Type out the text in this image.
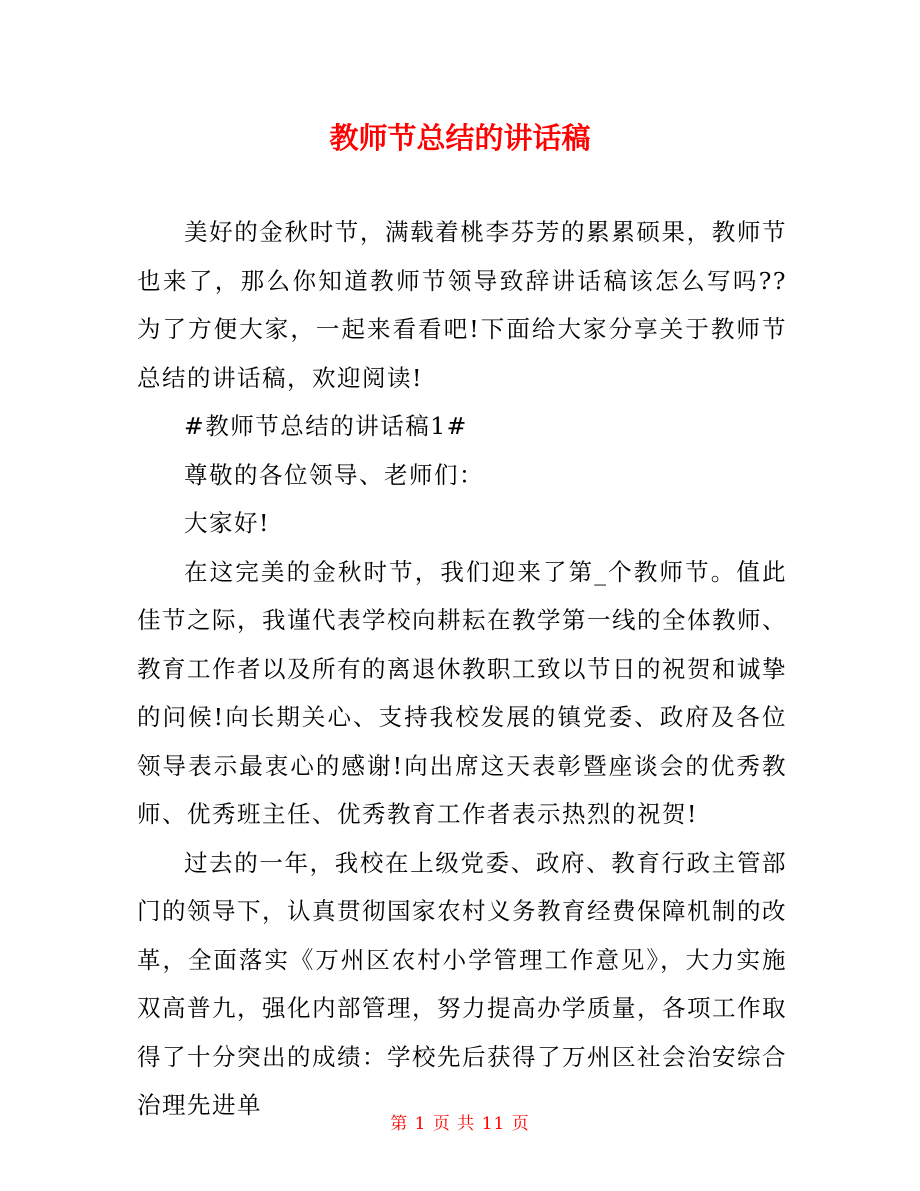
教师节总结的讲话稿

美好的金秋时节，满载着桃李芬芳的累累硕果，教师节也来了，那么你知道教师节领导致辞讲话稿该怎么写吗??为了方便大家，一起来看看吧!下面给大家分享关于教师节总结的讲话稿，欢迎阅读!

#教师节总结的讲话稿1#

尊敬的各位领导、老师们：

大家好!

在这完美的金秋时节，我们迎来了第_个教师节。值此佳节之际，我谨代表学校向耕耘在教学第一线的全体教师、教育工作者以及所有的离退休教职工致以节日的祝贺和诚挚的问候!向长期关心、支持我校发展的镇党委、政府及各位领导表示最衷心的感谢!向出席这天表彰暨座谈会的优秀教师、优秀班主任、优秀教育工作者表示热烈的祝贺!

过去的一年，我校在上级党委、政府、教育行政主管部门的领导下，认真贯彻国家农村义务教育经费保障机制的改革，全面落实《万州区农村小学管理工作意见》，大力实施双高普九，强化内部管理，努力提高办学质量，各项工作取得了十分突出的成绩：学校先后获得了万州区社会治安综合治理先进单

第 1 页 共 11 页
